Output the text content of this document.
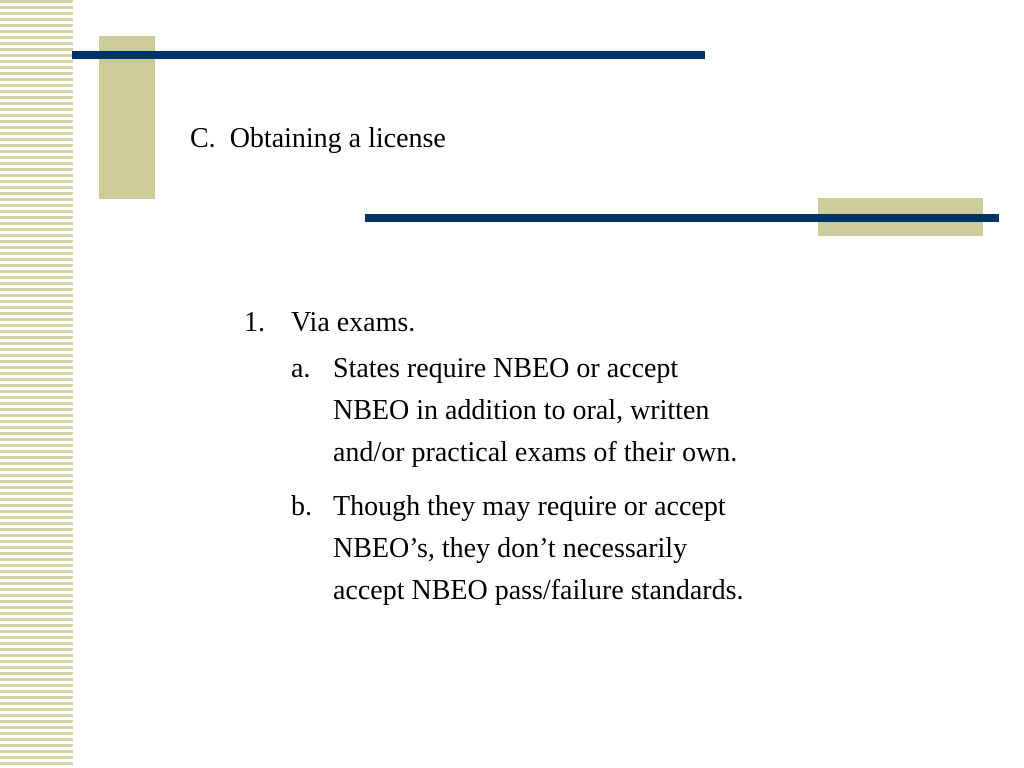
C. Obtaining a license
1. Via exams.
a. States require NBEO or accept
NBEO in addition to oral, written
and/or practical exams of their own.
b. Though they may require or accept
NBEO’s, they don’t necessarily
accept NBEO pass/failure standards.
